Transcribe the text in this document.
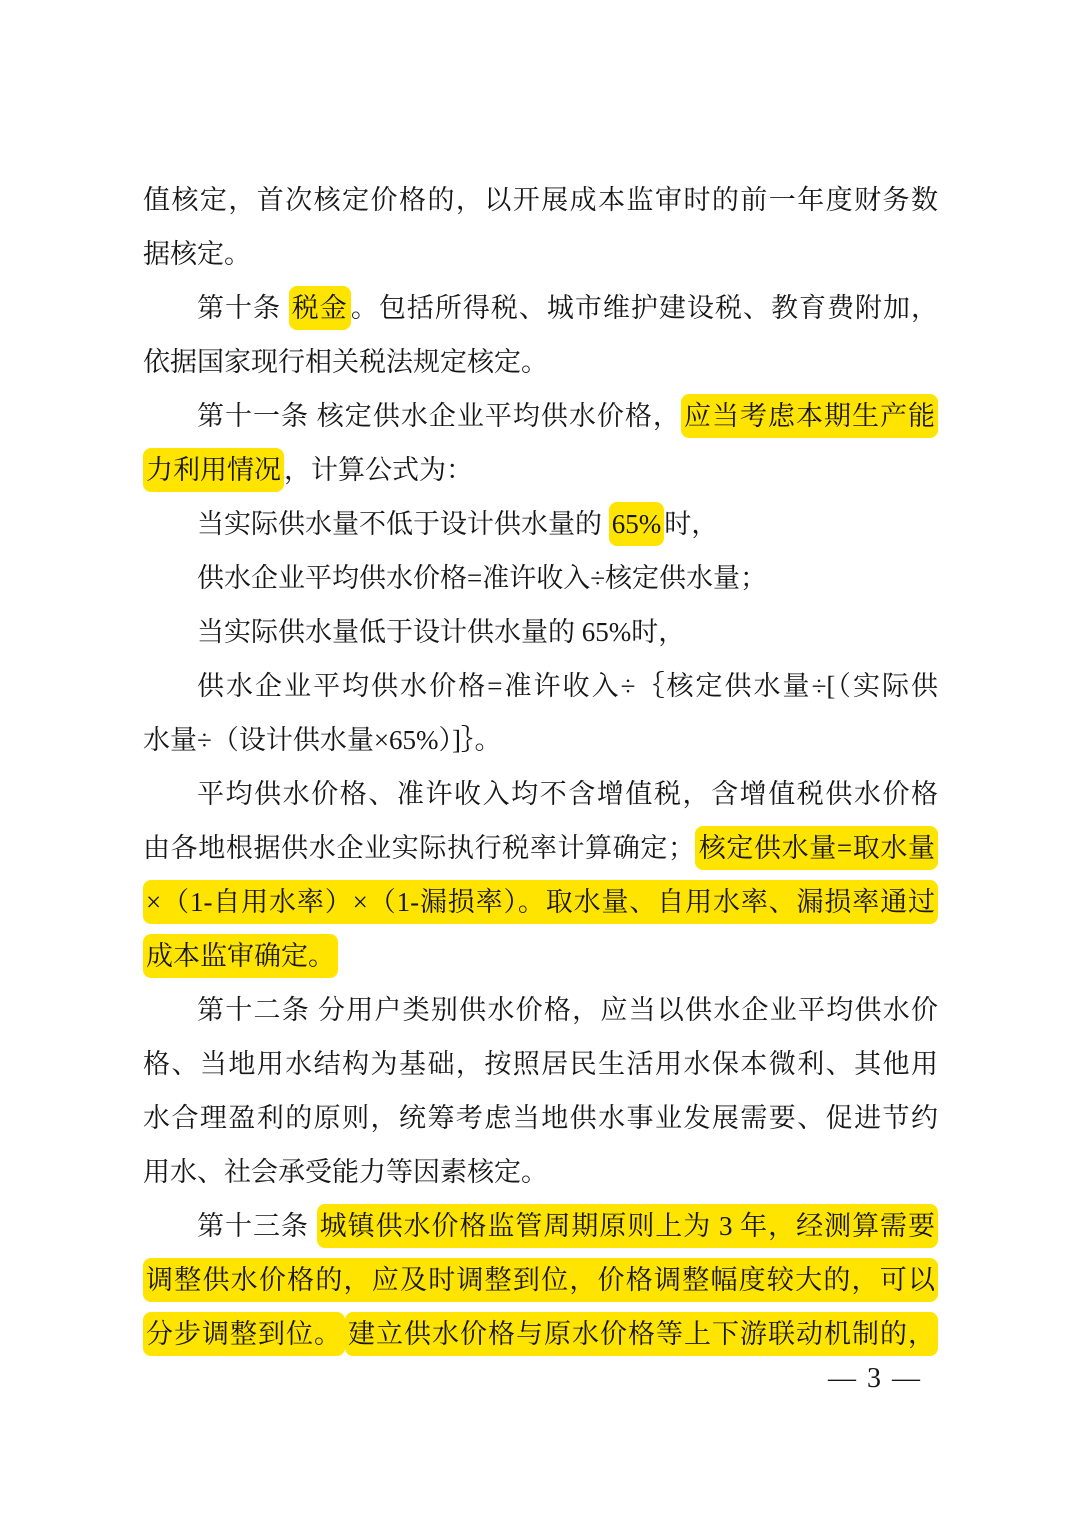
值核定，首次核定价格的，以开展成本监审时的前一年度财务数
据核定。
第十条 税金 。包括所得税、城市维护建设税、教育费附加，
依据国家现行相关税法规定核定。
第十一条 核定供水企业平均供水价格， 应当考虑本期生产能
力利用情况 ，计算公式为：
当实际供水量不低于设计供水量的 65% 时，
供水企业平均供水价格=准许收入÷核定供水量；
当实际供水量低于设计供水量的 65%时，
供水企业平均供水价格=准许收入÷｛核定供水量÷[（实际供
水量÷（设计供水量×65%）]｝。
平均供水价格、准许收入均不含增值税，含增值税供水价格
由各地根据供水企业实际执行税率计算确定； 核定供水量=取水量
×（1-自用水率）×（1-漏损率）。取水量、自用水率、漏损率通过
成本监审确定。
第十二条 分用户类别供水价格，应当以供水企业平均供水价
格、当地用水结构为基础，按照居民生活用水保本微利、其他用
水合理盈利的原则，统筹考虑当地供水事业发展需要、促进节约
用水、社会承受能力等因素核定。
第十三条 城镇供水价格监管周期原则上为 3 年，经测算需要
调整供水价格的，应及时调整到位，价格调整幅度较大的，可以
分步调整到位。 建立供水价格与原水价格等上下游联动机制的，
— 3 —
